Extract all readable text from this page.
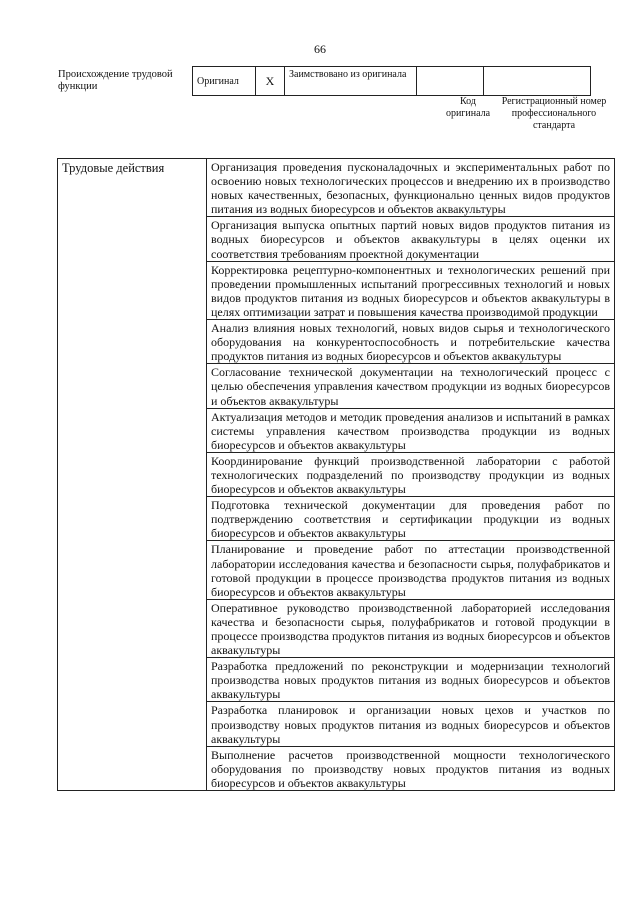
66
Происхождение трудовой функции	Оригинал	X	Заимствовано из оригинала		
Код оригинала
Регистрационный номер профессионального стандарта
Трудовые действия	Организация проведения пусконаладочных и экспериментальных работ по освоению новых технологических процессов и внедрению их в производство новых качественных, безопасных, функционально ценных видов продуктов питания из водных биоресурсов и объектов аквакультуры
Организация выпуска опытных партий новых видов продуктов питания из водных биоресурсов и объектов аквакультуры в целях оценки их соответствия требованиям проектной документации
Корректировка рецептурно-компонентных и технологических решений при проведении промышленных испытаний прогрессивных технологий и новых видов продуктов питания из водных биоресурсов и объектов аквакультуры в целях оптимизации затрат и повышения качества производимой продукции
Анализ влияния новых технологий, новых видов сырья и технологического оборудования на конкурентоспособность и потребительские качества продуктов питания из водных биоресурсов и объектов аквакультуры
Согласование технической документации на технологический процесс с целью обеспечения управления качеством продукции из водных биоресурсов и объектов аквакультуры
Актуализация методов и методик проведения анализов и испытаний в рамках системы управления качеством производства продукции из водных биоресурсов и объектов аквакультуры
Координирование функций производственной лаборатории с работой технологических подразделений по производству продукции из водных биоресурсов и объектов аквакультуры
Подготовка технической документации для проведения работ по подтверждению соответствия и сертификации продукции из водных биоресурсов и объектов аквакультуры
Планирование и проведение работ по аттестации производственной лаборатории исследования качества и безопасности сырья, полуфабрикатов и готовой продукции в процессе производства продуктов питания из водных биоресурсов и объектов аквакультуры
Оперативное руководство производственной лабораторией исследования качества и безопасности сырья, полуфабрикатов и готовой продукции в процессе производства продуктов питания из водных биоресурсов и объектов аквакультуры
Разработка предложений по реконструкции и модернизации технологий производства новых продуктов питания из водных биоресурсов и объектов аквакультуры
Разработка планировок и организации новых цехов и участков по производству новых продуктов питания из водных биоресурсов и объектов аквакультуры
Выполнение расчетов производственной мощности технологического оборудования по производству новых продуктов питания из водных биоресурсов и объектов аквакультуры
